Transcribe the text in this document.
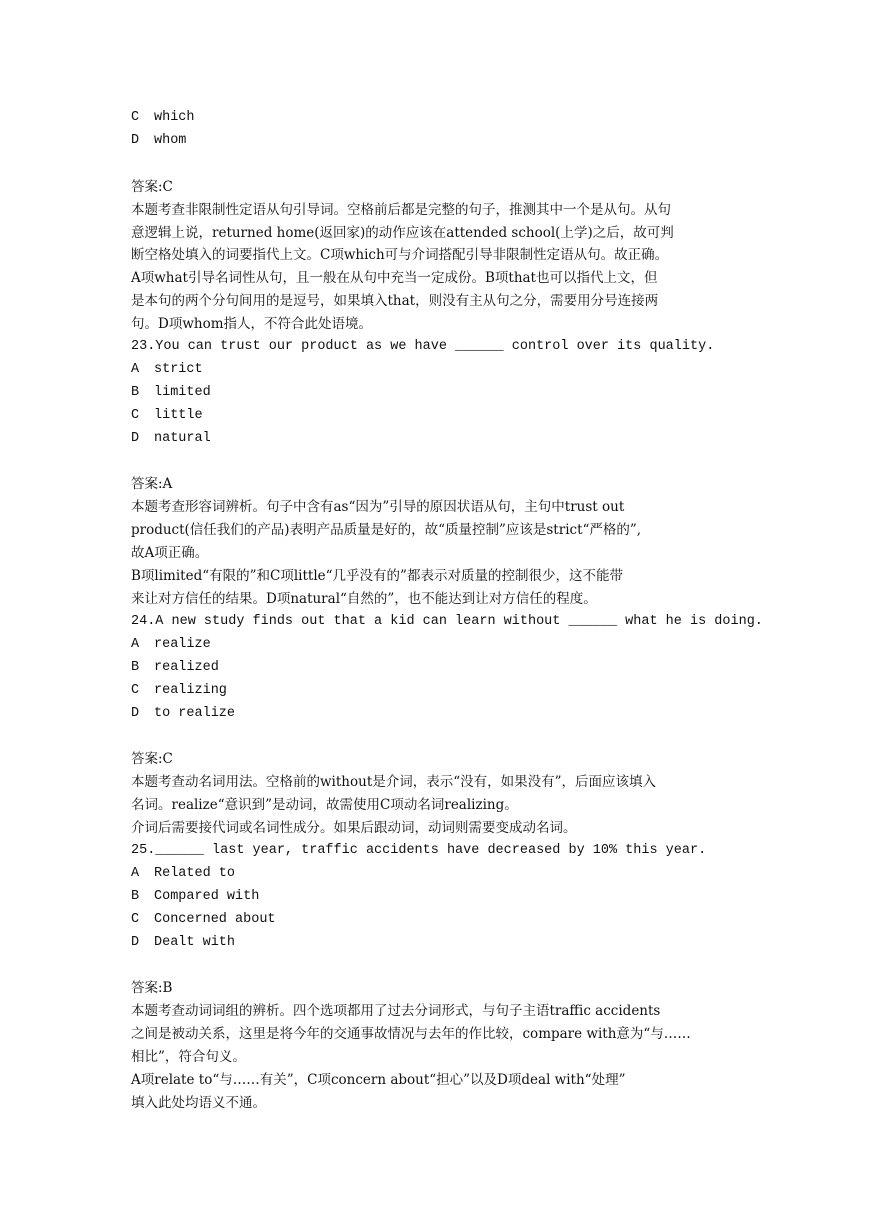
C which
D whom
答案:C
本题考查非限制性定语从句引导词。空格前后都是完整的句子，推测其中一个是从句。从句
意逻辑上说，returned home(返回家)的动作应该在attended school(上学)之后，故可判
断空格处填入的词要指代上文。C项which可与介词搭配引导非限制性定语从句。故正确。
A项what引导名词性从句，且一般在从句中充当一定成份。B项that也可以指代上文，但
是本句的两个分句间用的是逗号，如果填入that，则没有主从句之分，需要用分号连接两
句。D项whom指人，不符合此处语境。
23.You can trust our product as we have ______ control over its quality.
A strict
B limited
C little
D natural
答案:A
本题考查形容词辨析。句子中含有as“因为”引导的原因状语从句，主句中trust out
product(信任我们的产品)表明产品质量是好的，故“质量控制”应该是strict“严格的”,
故A项正确。
B项limited“有限的”和C项little“几乎没有的”都表示对质量的控制很少，这不能带
来让对方信任的结果。D项natural“自然的”，也不能达到让对方信任的程度。
24.A new study finds out that a kid can learn without ______ what he is doing.
A realize
B realized
C realizing
D to realize
答案:C
本题考查动名词用法。空格前的without是介词，表示“没有，如果没有”，后面应该填入
名词。realize“意识到”是动词，故需使用C项动名词realizing。
介词后需要接代词或名词性成分。如果后跟动词，动词则需要变成动名词。
25.______ last year, traffic accidents have decreased by 10% this year.
A Related to
B Compared with
C Concerned about
D Dealt with
答案:B
本题考查动词词组的辨析。四个选项都用了过去分词形式，与句子主语traffic accidents
之间是被动关系，这里是将今年的交通事故情况与去年的作比较，compare with意为“与……
相比”，符合句义。
A项relate to“与……有关”，C项concern about“担心”以及D项deal with“处理”
填入此处均语义不通。
